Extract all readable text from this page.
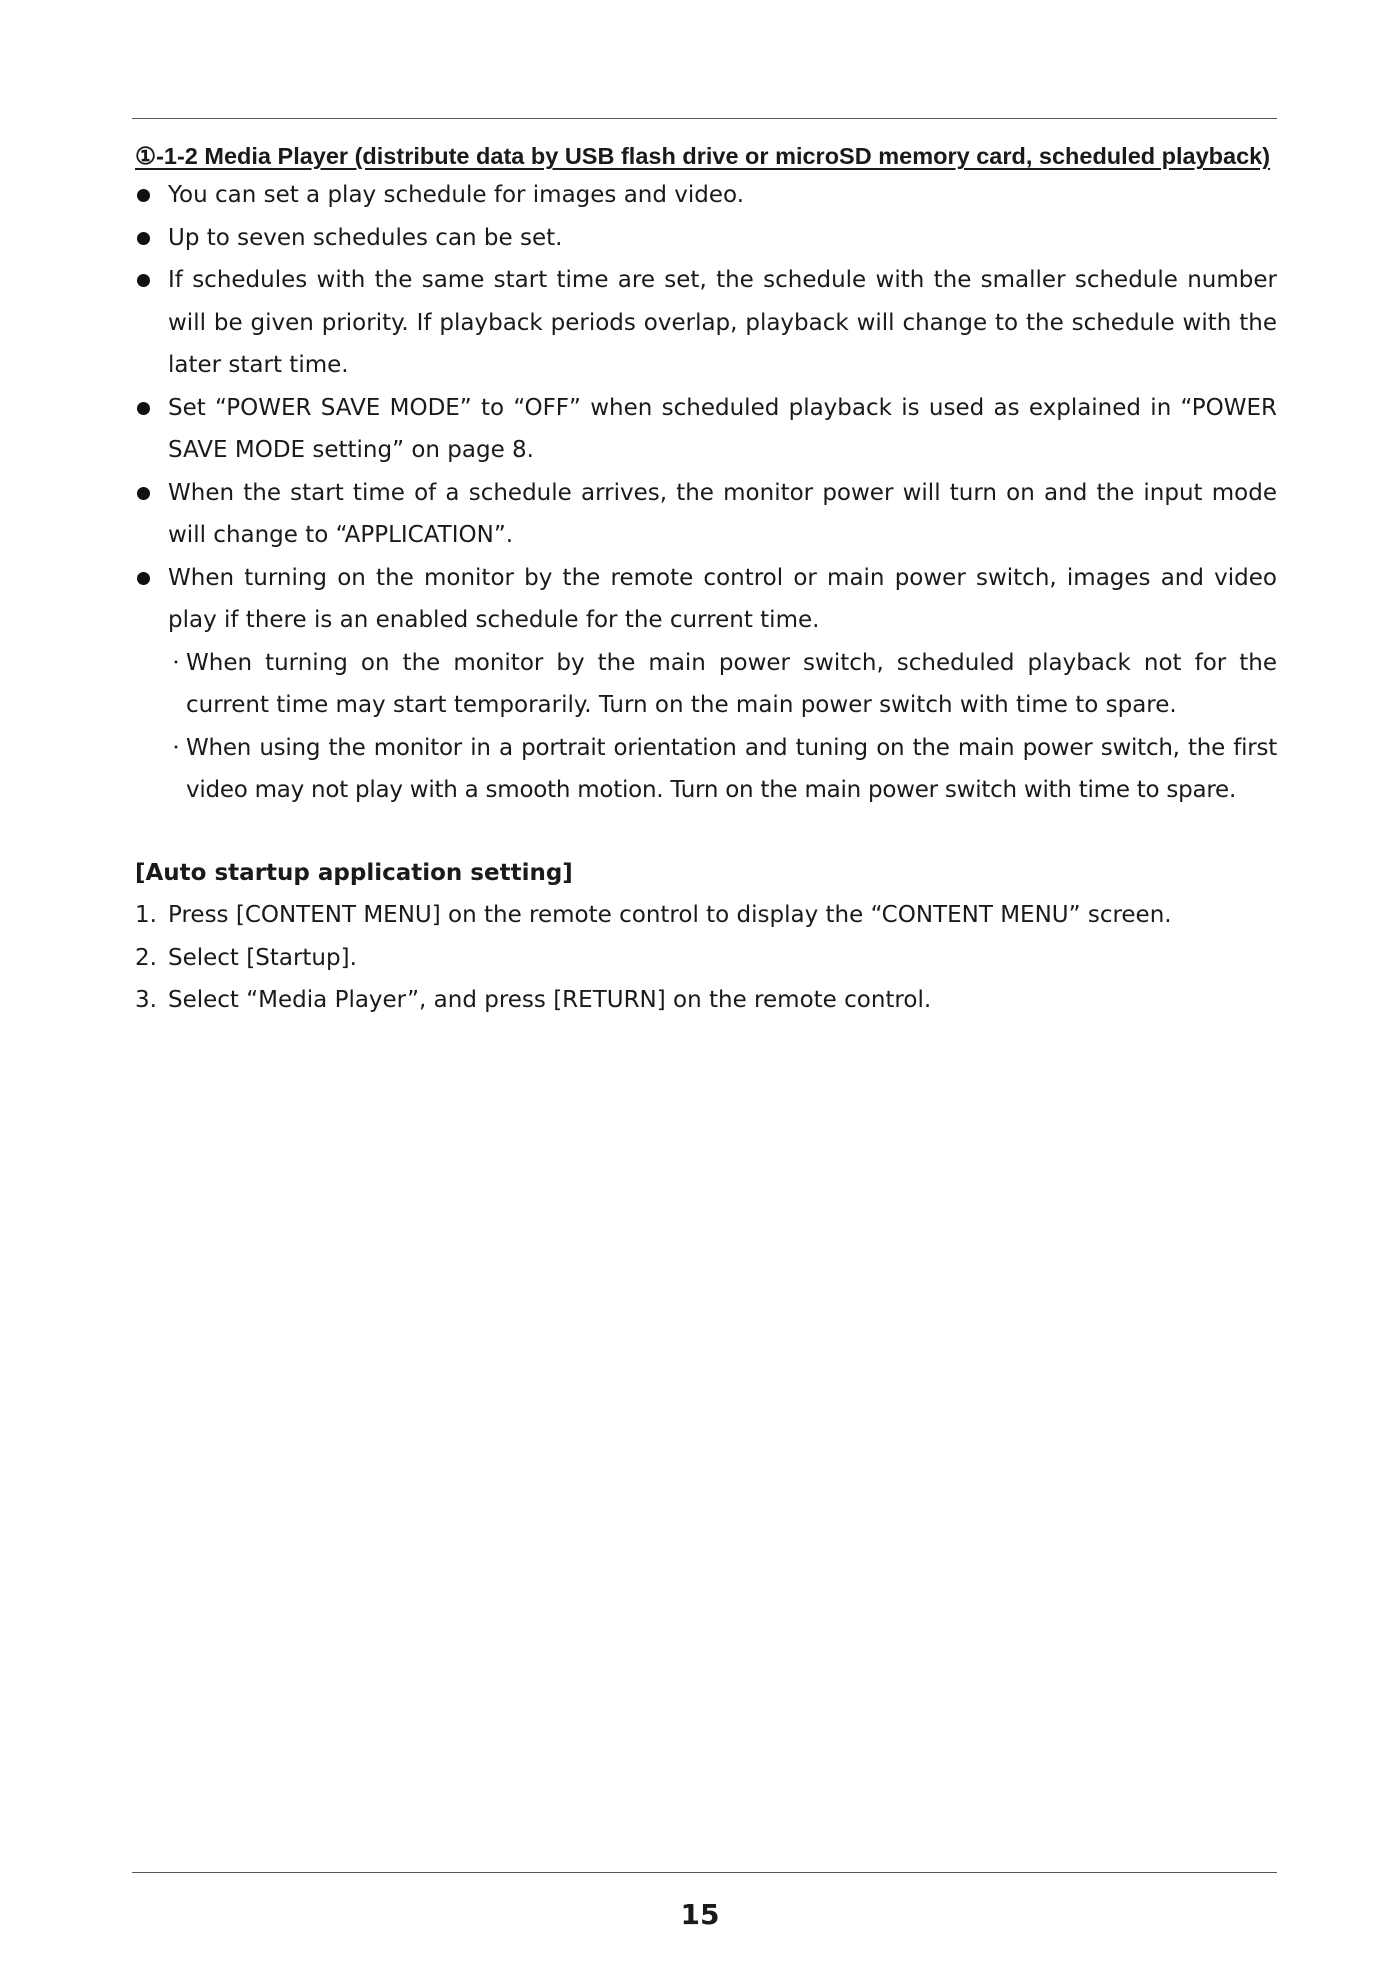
①-1-2 Media Player (distribute data by USB flash drive or microSD memory card, scheduled playback)
You can set a play schedule for images and video.
Up to seven schedules can be set.
If schedules with the same start time are set, the schedule with the smaller schedule number will be given priority. If playback periods overlap, playback will change to the schedule with the later start time.
Set “POWER SAVE MODE” to “OFF” when scheduled playback is used as explained in “POWER SAVE MODE setting” on page 8.
When the start time of a schedule arrives, the monitor power will turn on and the input mode will change to “APPLICATION”.
When turning on the monitor by the remote control or main power switch, images and video play if there is an enabled schedule for the current time.
・ When turning on the monitor by the main power switch, scheduled playback not for the current time may start temporarily. Turn on the main power switch with time to spare.
・ When using the monitor in a portrait orientation and tuning on the main power switch, the first video may not play with a smooth motion. Turn on the main power switch with time to spare.
[Auto startup application setting]
1. Press [CONTENT MENU] on the remote control to display the “CONTENT MENU” screen.
2. Select [Startup].
3. Select “Media Player”, and press [RETURN] on the remote control.
15
